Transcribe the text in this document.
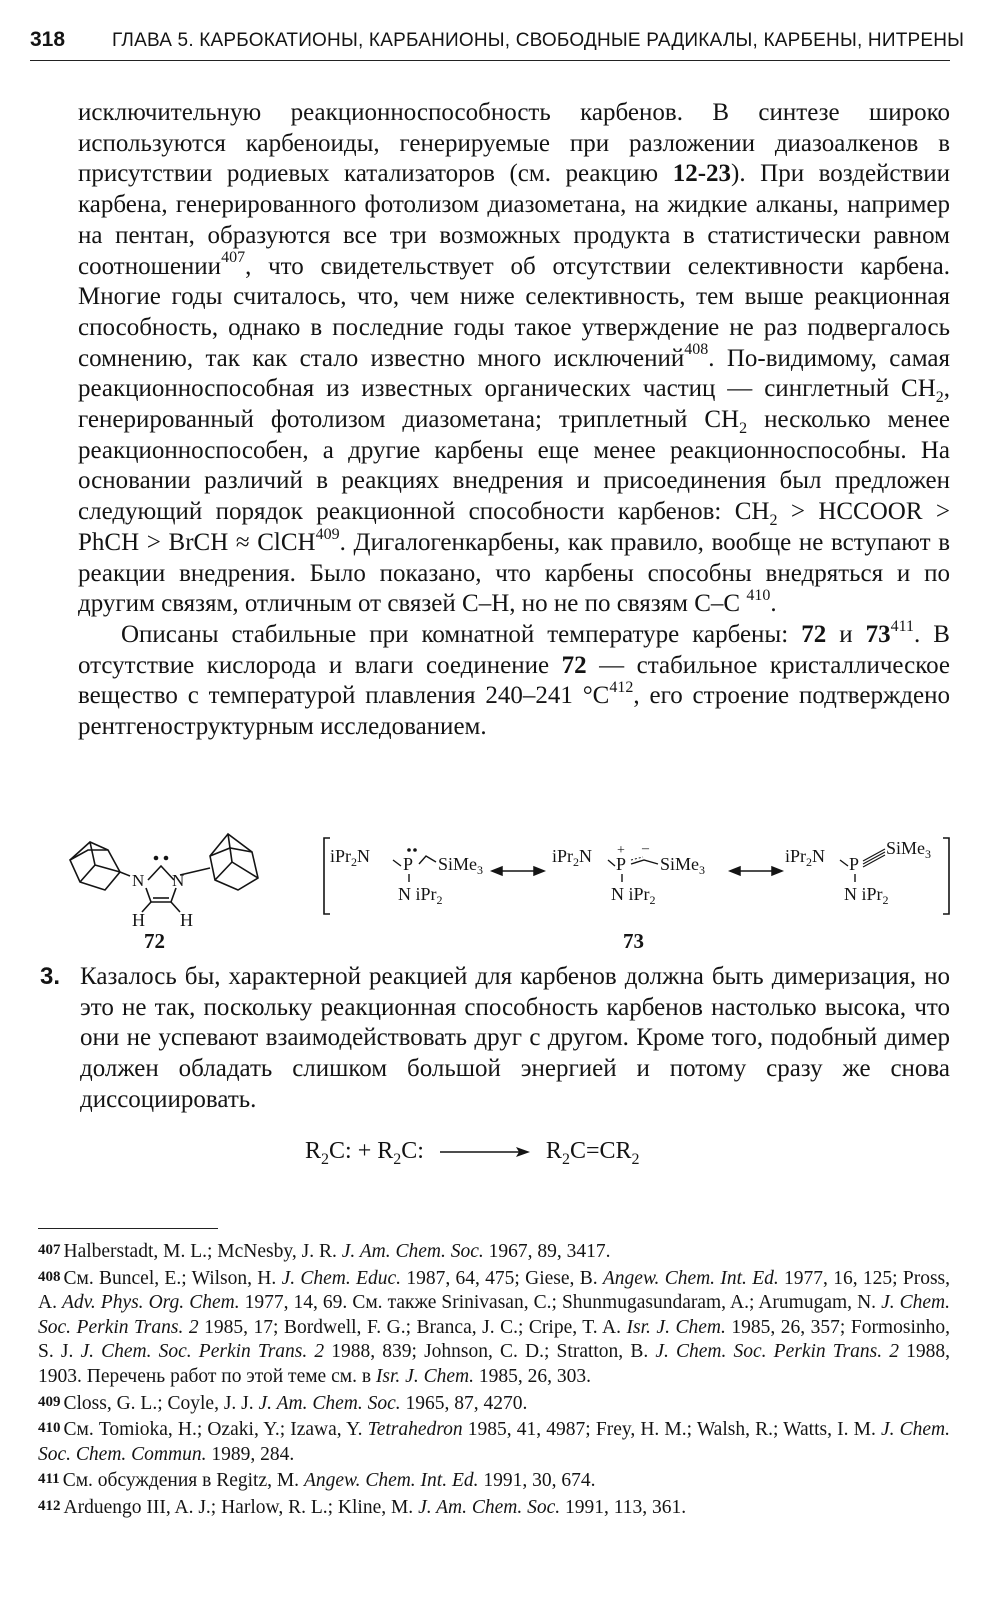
318 ГЛАВА 5. КАРБОКАТИОНЫ, КАРБАНИОНЫ, СВОБОДНЫЕ РАДИКАЛЫ, КАРБЕНЫ, НИТРЕНЫ

исключительную реакционноспособность карбенов. В синтезе широко используются карбеноиды, генерируемые при разложении диазоалкенов в присутствии родиевых катализаторов (см. реакцию 12-23). При воздействии карбена, генерированного фотолизом диазометана, на жидкие алканы, например на пентан, образуются все три возможных продукта в статистически равном соотношении$^{407}$, что свидетельствует об отсутствии селективности карбена. Многие годы считалось, что, чем ниже селективность, тем выше реакционная способность, однако в последние годы такое утверждение не раз подвергалось сомнению, так как стало известно много исключений$^{408}$. По-видимому, самая реакционноспособная из известных органических частиц — синглетный $CH_2$, генерированный фотолизом диазометана; триплетный $CH_2$ несколько менее реакционноспособен, а другие карбены еще менее реакционноспособны. На основании различий в реакциях внедрения и присоединения был предложен следующий порядок реакционной способности карбенов: $CH_2$ > HCCOOR > PhCH > BrCH ≈ ClCH$^{409}$. Дигалогенкарбены, как правило, вообще не вступают в реакции внедрения. Было показано, что карбены способны внедряться и по другим связям, отличным от связей C–H, но не по связям C–C $^{410}$.

Описаны стабильные при комнатной температуре карбены: 72 и $73^{411}$. В отсутствие кислорода и влаги соединение 72 — стабильное кристаллическое вещество с температурой плавления 240–241 $^\circ C^{412}$, его строение подтверждено рентгеноструктурным исследованием.

N N
H H
72
iPr$_2$N P SiMe$_3$
N iPr$_2$
iPr$_2$N P
+ –
SiMe$_3$
N iPr$_2$
iPr$_2$N P
SiMe$_3$
N iPr$_2$
73
3. Казалось бы, характерной реакцией для карбенов должна быть димеризация, но это не так, поскольку реакционная способность карбенов настолько высока, что они не успевают взаимодействовать друг с другом. Кроме того, подобный димер должен обладать слишком большой энергией и потому сразу же снова диссоциировать.
$R_2C$: + $R_2C$: → $R_2C=CR_2$

407 Halberstadt, M. L.; McNesby, J. R. J. Am. Chem. Soc. 1967, 89, 3417.

408 См. Buncel, E.; Wilson, H. J. Chem. Educ. 1987, 64, 475; Giese, B. Angew. Chem. Int. Ed. 1977, 16, 125; Pross, A. Adv. Phys. Org. Chem. 1977, 14, 69. См. также Srinivasan, C.; Shunmugasundaram, A.; Arumugam, N. J. Chem. Soc. Perkin Trans. 2 1985, 17; Bordwell, F. G.; Branca, J. C.; Cripe, T. A. Isr. J. Chem. 1985, 26, 357; Formosinho, S. J. J. Chem. Soc. Perkin Trans. 2 1988, 839; Johnson, C. D.; Stratton, B. J. Chem. Soc. Perkin Trans. 2 1988, 1903. Перечень работ по этой теме см. в Isr. J. Chem. 1985, 26, 303.

409 Closs, G. L.; Coyle, J. J. J. Am. Chem. Soc. 1965, 87, 4270.

410 См. Tomioka, H.; Ozaki, Y.; Izawa, Y. Tetrahedron 1985, 41, 4987; Frey, H. M.; Walsh, R.; Watts, I. M. J. Chem. Soc. Chem. Commun. 1989, 284.

411 См. обсуждения в Regitz, M. Angew. Chem. Int. Ed. 1991, 30, 674.

412 Arduengo III, A. J.; Harlow, R. L.; Kline, M. J. Am. Chem. Soc. 1991, 113, 361.
